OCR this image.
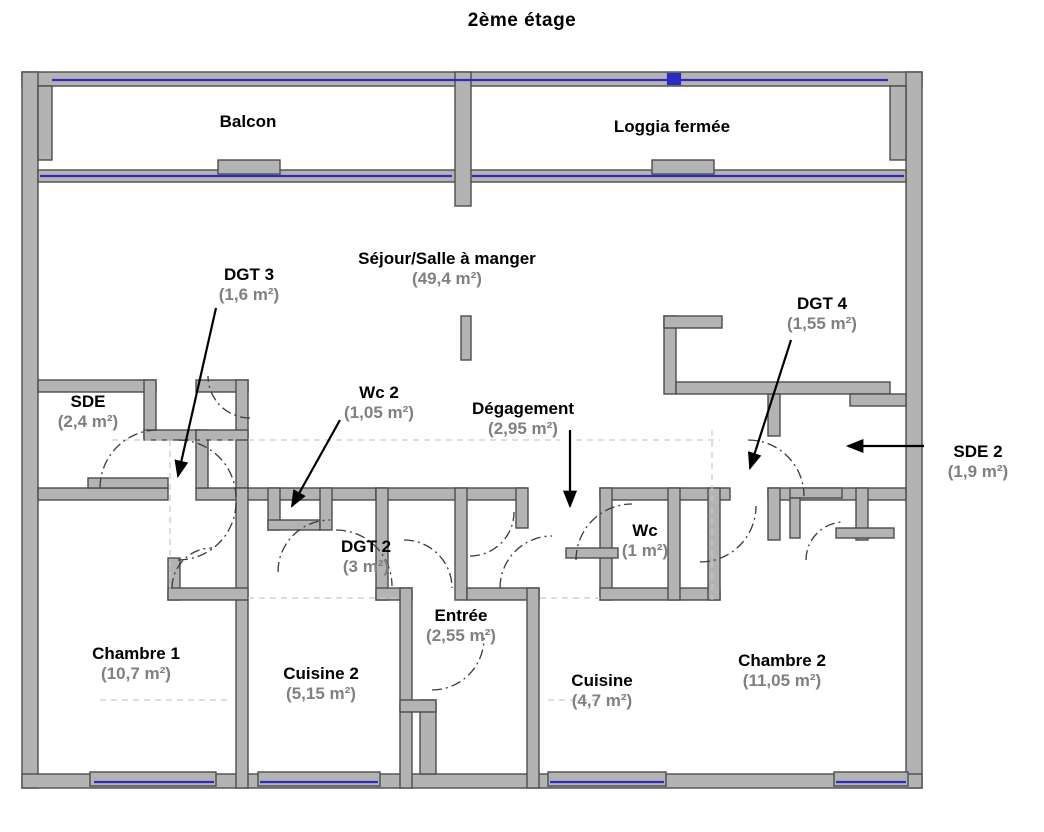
2ème étage
Balcon	Loggia fermée
Séjour/Salle à manger
(49,4 m²)
DGT 3
(1,6 m²)	DGT 4
(1,55 m²)
SDE
(2,4 m²)
Wc 2
(1,05 m²)	Dégagement
(2,95 m²)
SDE 2
(1,9 m²)
DGT 2
(3 m²)
Wc
(1 m²)
Entrée
(2,55 m²)
Chambre 1
(10,7 m²)	Cuisine 2
(5,15 m²)
Cuisine
(4,7 m²)
Chambre 2
(11,05 m²)
